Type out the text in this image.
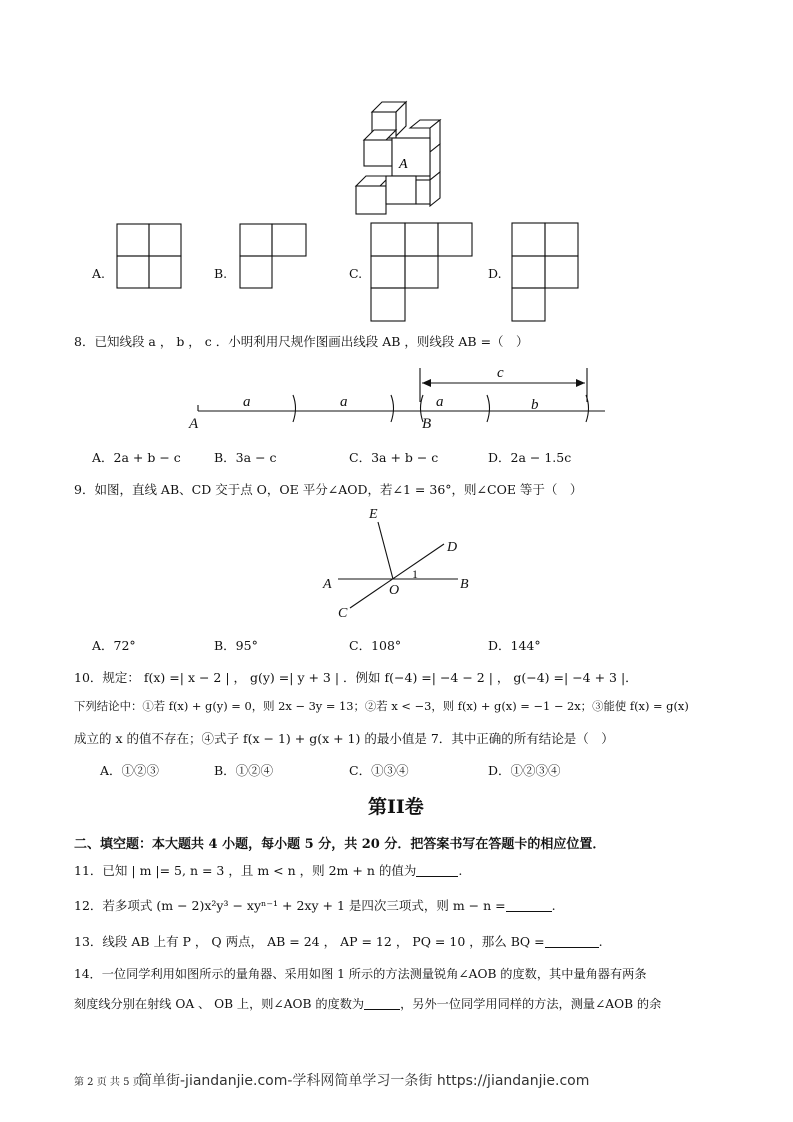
A
A.	B.	C.	D.
8．已知线段 a ， b ， c ．小明利用尺规作图画出线段 AB ，则线段 AB =（　）
a	a	a	b
c
A	B
A．2a + b − c	B．3a − c	C．3a + b − c	D．2a − 1.5c
9．如图，直线 AB、CD 交于点 O，OE 平分∠AOD，若∠1 = 36°，则∠COE 等于（　）
E
D
A	O	B
C
1
A．72°	B．95°	C．108°	D．144°
10．规定： f(x) =| x − 2 | ， g(y) =| y + 3 | ．例如 f(−4) =| −4 − 2 | ， g(−4) =| −4 + 3 |．
下列结论中：①若 f(x) + g(y) = 0，则 2x − 3y = 13；②若 x < −3，则 f(x) + g(x) = −1 − 2x；③能使 f(x) = g(x)
成立的 x 的值不存在；④式子 f(x − 1) + g(x + 1) 的最小值是 7．其中正确的所有结论是（　）
A．①②③	B．①②④	C．①③④	D．①②③④
第II卷
二、填空题：本大题共 4 小题，每小题 5 分，共 20 分．把答案书写在答题卡的相应位置．
11．已知 | m |= 5, n = 3 ，且 m < n ，则 2m + n 的值为	.
12．若多项式 (m − 2)x²y³ − xyⁿ⁻¹ + 2xy + 1 是四次三项式，则 m − n =	.
13．线段 AB 上有 P ， Q 两点， AB = 24 ， AP = 12 ， PQ = 10 ，那么 BQ =	.
14．一位同学利用如图所示的量角器、采用如图 1 所示的方法测量锐角∠AOB 的度数，其中量角器有两条
刻度线分别在射线 OA 、 OB 上，则∠AOB 的度数为	，另外一位同学用同样的方法，测量∠AOB 的余
第 2 页 共 5 页
简单街-jiandanjie.com-学科网简单学习一条街 https://jiandanjie.com
